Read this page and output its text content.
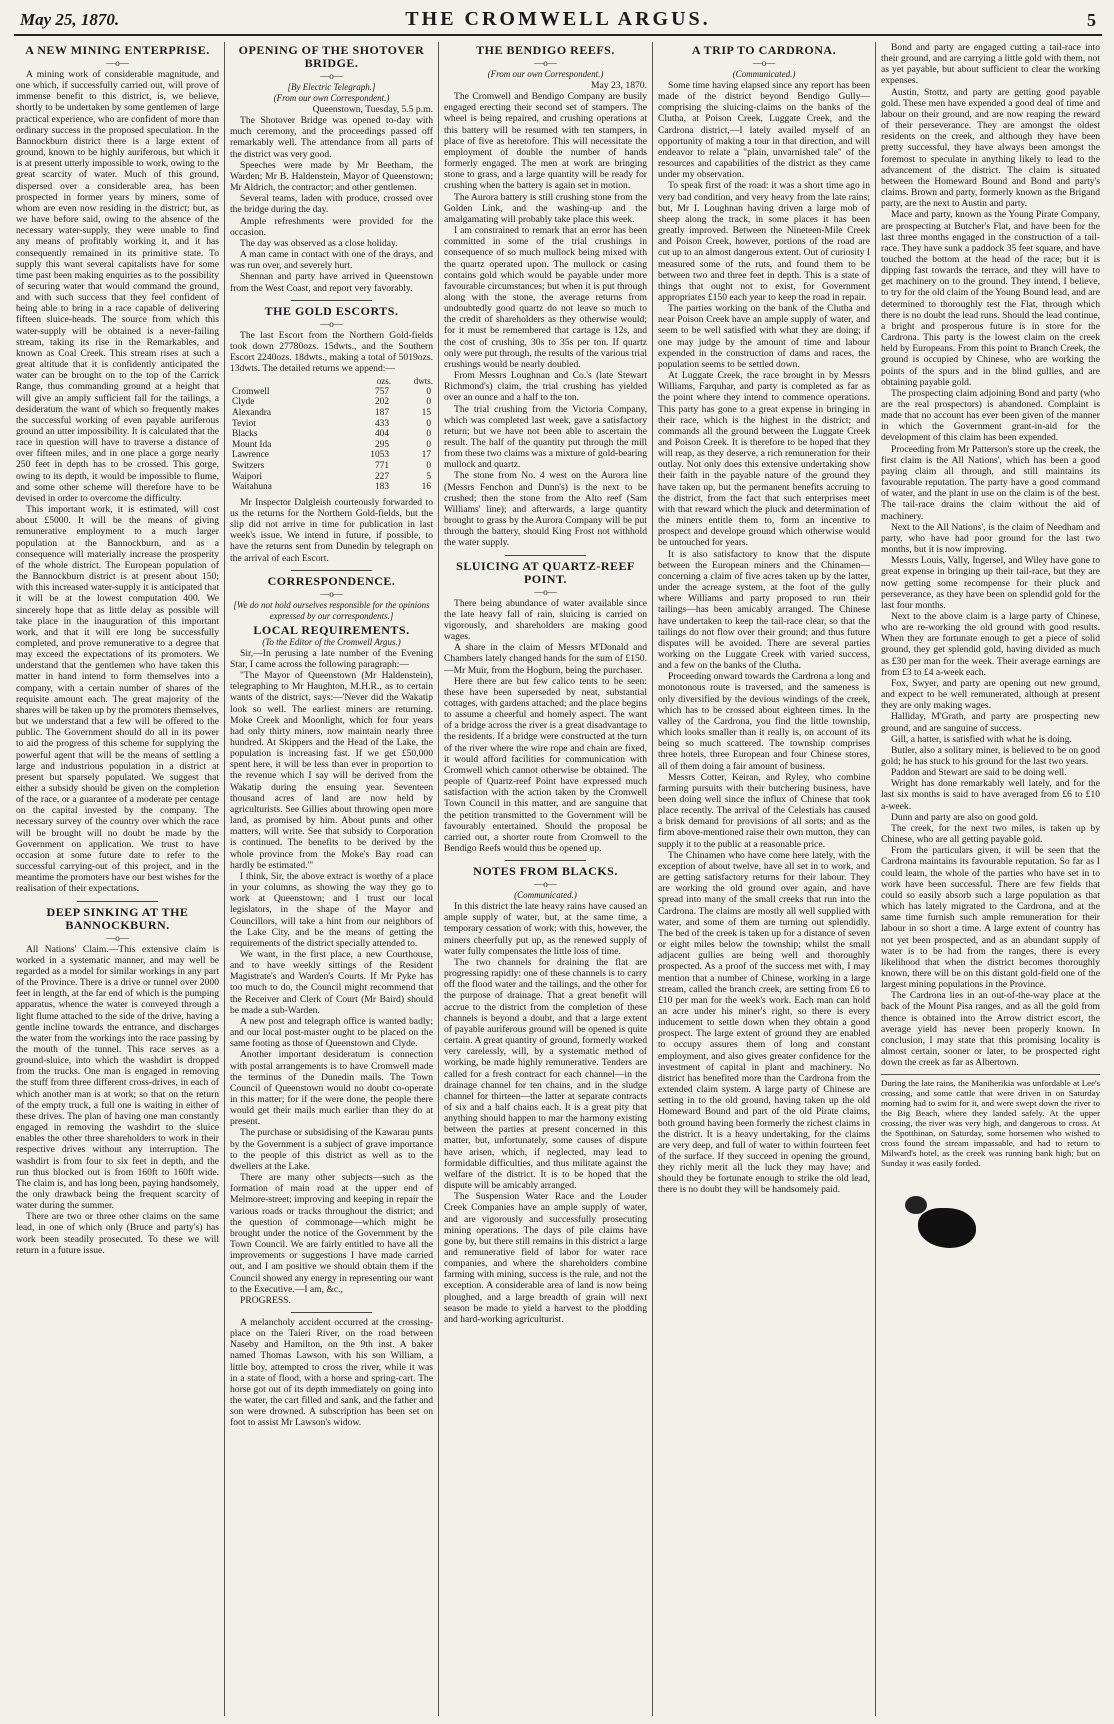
May 25, 1870.	THE CROMWELL ARGUS.	5
A NEW MINING ENTERPRISE.
—o—

A mining work of considerable magnitude, and one which, if successfully carried out, will prove of immense benefit to this district, is, we believe, shortly to be undertaken by some gentlemen of large practical experience, who are confident of more than ordinary success in the proposed speculation. In the Bannockburn district there is a large extent of ground, known to be highly auriferous, but which it is at present utterly impossible to work, owing to the great scarcity of water. Much of this ground, dispersed over a considerable area, has been prospected in former years by miners, some of whom are even now residing in the district; but, as we have before said, owing to the absence of the necessary water-supply, they were unable to find any means of profitably working it, and it has consequently remained in its primitive state. To supply this want several capitalists have for some time past been making enquiries as to the possibility of securing water that would command the ground, and with such success that they feel confident of being able to bring in a race capable of delivering fifteen sluice-heads. The source from which this water-supply will be obtained is a never-failing stream, taking its rise in the Remarkables, and known as Coal Creek. This stream rises at such a great altitude that it is confidently anticipated the water can be brought on to the top of the Carrick Range, thus commanding ground at a height that will give an amply sufficient fall for the tailings, a desideratum the want of which so frequently makes the successful working of even payable auriferous ground an utter impossibility. It is calculated that the race in question will have to traverse a distance of over fifteen miles, and in one place a gorge nearly 250 feet in depth has to be crossed. This gorge, owing to its depth, it would be impossible to flume, and some other scheme will therefore have to be devised in order to overcome the difficulty.

This important work, it is estimated, will cost about £5000. It will be the means of giving remunerative employment to a much larger population at the Bannockburn, and as a consequence will materially increase the prosperity of the whole district. The European population of the Bannockburn district is at present about 150; with this increased water-supply it is anticipated that it will be at the lowest computation 400. We sincerely hope that as little delay as possible will take place in the inauguration of this important work, and that it will ere long be successfully completed, and prove remunerative to a degree that may exceed the expectations of its promoters. We understand that the gentlemen who have taken this matter in hand intend to form themselves into a company, with a certain number of shares of the requisite amount each. The great majority of the shares will be taken up by the promoters themselves, but we understand that a few will be offered to the public. The Government should do all in its power to aid the progress of this scheme for supplying the powerful agent that will be the means of settling a large and industrious population in a district at present but sparsely populated. We suggest that either a subsidy should be given on the completion of the race, or a guarantee of a moderate per centage on the capital invested by the company. The necessary survey of the country over which the race will be brought will no doubt be made by the Government on application. We trust to have occasion at some future date to refer to the successful carrying-out of this project, and in the meantime the promoters have our best wishes for the realisation of their expectations.

DEEP SINKING AT THE BANNOCKBURN.
—o—

All Nations' Claim.—This extensive claim is worked in a systematic manner, and may well be regarded as a model for similar workings in any part of the Province. There is a drive or tunnel over 2000 feet in length, at the far end of which is the pumping apparatus, whence the water is conveyed through a light flume attached to the side of the drive, having a gentle incline towards the entrance, and discharges the water from the workings into the race passing by the mouth of the tunnel. This race serves as a ground-sluice, into which the washdirt is dropped from the trucks. One man is engaged in removing the stuff from three different cross-drives, in each of which another man is at work; so that on the return of the empty truck, a full one is waiting in either of these drives. The plan of having one man constantly engaged in removing the washdirt to the sluice enables the other three shareholders to work in their respective drives without any interruption. The washdirt is from four to six feet in depth, and the run thus blocked out is from 160ft to 160ft wide. The claim is, and has long been, paying handsomely, the only drawback being the frequent scarcity of water during the summer.

There are two or three other claims on the same lead, in one of which only (Bruce and party's) has work been steadily prosecuted. To these we will return in a future issue.

OPENING OF THE SHOTOVER BRIDGE.
—o—
[By Electric Telegraph.]
(From our own Correspondent.)

Queenstown, Tuesday, 5.5 p.m.

The Shotover Bridge was opened to-day with much ceremony, and the proceedings passed off remarkably well. The attendance from all parts of the district was very good.

Speeches were made by Mr Beetham, the Warden; Mr B. Haldenstein, Mayor of Queenstown; Mr Aldrich, the contractor; and other gentlemen.

Several teams, laden with produce, crossed over the bridge during the day.

Ample refreshments were provided for the occasion.

The day was observed as a close holiday.

A man came in contact with one of the drays, and was run over, and severely hurt.

Shennan and party have arrived in Queenstown from the West Coast, and report very favorably.

THE GOLD ESCORTS.
—o—

The last Escort from the Northern Gold-fields took down 27780ozs. 15dwts., and the Southern Escort 2240ozs. 18dwts., making a total of 5019ozs. 13dwts. The detailed returns we append:—

	ozs.	dwts.
Cromwell	757	0
Clyde	202	0
Alexandra	187	15
Teviot	433	0
Blacks	404	0
Mount Ida	295	0
Lawrence	1053	17
Switzers	771	0
Waipori	227	5
Waitahuna	183	16

Mr Inspector Dalgleish courteously forwarded to us the returns for the Northern Gold-fields, but the slip did not arrive in time for publication in last week's issue. We intend in future, if possible, to have the returns sent from Dunedin by telegraph on the arrival of each Escort.

CORRESPONDENCE.
—o—
[We do not hold ourselves responsible for the opinions expressed by our correspondents.]
LOCAL REQUIREMENTS.
(To the Editor of the Cromwell Argus.)

Sir,—In perusing a late number of the Evening Star, I came across the following paragraph:—

"The Mayor of Queenstown (Mr Haldenstein), telegraphing to Mr Haughton, M.H.R., as to certain wants of the district, says:—'Never did the Wakatip look so well. The earliest miners are returning. Moke Creek and Moonlight, which for four years had only thirty miners, now maintain nearly three hundred. At Skippers and the Head of the Lake, the population is increasing fast. If we get £50,000 spent here, it will be less than ever in proportion to the revenue which I say will be derived from the Wakatip during the ensuing year. Seventeen thousand acres of land are now held by agriculturists. See Gillies about throwing open more land, as promised by him. About punts and other matters, will write. See that subsidy to Corporation is continued. The benefits to be derived by the whole province from the Moke's Bay road can hardly be estimated.'"

I think, Sir, the above extract is worthy of a place in your columns, as showing the way they go to work at Queenstown; and I trust our local legislators, in the shape of the Mayor and Councillors, will take a hint from our neighbors of the Lake City, and be the means of getting the requirements of the district specially attended to.

We want, in the first place, a new Courthouse, and to have weekly sittings of the Resident Magistrate's and Warden's Courts. If Mr Pyke has too much to do, the Council might recommend that the Receiver and Clerk of Court (Mr Baird) should be made a sub-Warden.

A new post and telegraph office is wanted badly; and our local post-master ought to be placed on the same footing as those of Queenstown and Clyde.

Another important desideratum is connection with postal arrangements is to have Cromwell made the terminus of the Dunedin mails. The Town Council of Queenstown would no doubt co-operate in this matter; for if the were done, the people there would get their mails much earlier than they do at present.

The purchase or subsidising of the Kawarau punts by the Government is a subject of grave importance to the people of this district as well as to the dwellers at the Lake.

There are many other subjects—such as the formation of main road at the upper end of Melmore-street; improving and keeping in repair the various roads or tracks throughout the district; and the question of commonage—which might be brought under the notice of the Government by the Town Council. We are fairly entitled to have all the improvements or suggestions I have made carried out, and I am positive we should obtain them if the Council showed any energy in representing our want to the Executive.—I am, &c.,

PROGRESS.

A melancholy accident occurred at the crossing-place on the Taieri River, on the road between Naseby and Hamilton, on the 9th inst. A baker named Thomas Lawson, with his son William, a little boy, attempted to cross the river, while it was in a state of flood, with a horse and spring-cart. The horse got out of its depth immediately on going into the water, the cart filled and sank, and the father and son were drowned. A subscription has been set on foot to assist Mr Lawson's widow.

THE BENDIGO REEFS.
—o—
(From our own Correspondent.)

May 23, 1870.

The Cromwell and Bendigo Company are busily engaged erecting their second set of stampers. The wheel is being repaired, and crushing operations at this battery will be resumed with ten stampers, in place of five as heretofore. This will necessitate the employment of double the number of hands formerly engaged. The men at work are bringing stone to grass, and a large quantity will be ready for crushing when the battery is again set in motion.

The Aurora battery is still crushing stone from the Golden Link, and the washing-up and the amalgamating will probably take place this week.

I am constrained to remark that an error has been committed in some of the trial crushings in consequence of so much mullock being mixed with the quartz operated upon. The mullock or casing contains gold which would be payable under more favourable circumstances; but when it is put through along with the stone, the average returns from undoubtedly good quartz do not leave so much to the credit of shareholders as they otherwise would; for it must be remembered that cartage is 12s, and the cost of crushing, 30s to 35s per ton. If quartz only were put through, the results of the various trial crushings would be nearly doubled.

From Messrs Loughnan and Co.'s (late Stewart Richmond's) claim, the trial crushing has yielded over an ounce and a half to the ton.

The trial crushing from the Victoria Company, which was completed last week, gave a satisfactory return; but we have not been able to ascertain the result. The half of the quantity put through the mill from these two claims was a mixture of gold-bearing mullock and quartz.

The stone from No. 4 west on the Aurora line (Messrs Fenchon and Dunn's) is the next to be crushed; then the stone from the Alto reef (Sam Williams' line); and afterwards, a large quantity brought to grass by the Aurora Company will be put through the battery, should King Frost not withhold the water supply.

SLUICING AT QUARTZ-REEF POINT.
—o—

There being abundance of water available since the late heavy fall of rain, sluicing is carried on vigorously, and shareholders are making good wages.

A share in the claim of Messrs M'Donald and Chambers lately changed hands for the sum of £150.—Mr Muir, from the Hogburn, being the purchaser.

Here there are but few calico tents to be seen: these have been superseded by neat, substantial cottages, with gardens attached; and the place begins to assume a cheerful and homely aspect. The want of a bridge across the river is a great disadvantage to the residents. If a bridge were constructed at the turn of the river where the wire rope and chain are fixed, it would afford facilities for communication with Cromwell which cannot otherwise be obtained. The people of Quartz-reef Point have expressed much satisfaction with the action taken by the Cromwell Town Council in this matter, and are sanguine that the petition transmitted to the Government will be favourably entertained. Should the proposal be carried out, a shorter route from Cromwell to the Bendigo Reefs would thus be opened up.

NOTES FROM BLACKS.
—o—
(Communicated.)

In this district the late heavy rains have caused an ample supply of water, but, at the same time, a temporary cessation of work; with this, however, the miners cheerfully put up, as the renewed supply of water fully compensates the little loss of time.

The two channels for draining the flat are progressing rapidly: one of these channels is to carry off the flood water and the tailings, and the other for the purpose of drainage. That a great benefit will accrue to the district from the completion of these channels is beyond a doubt, and that a large extent of payable auriferous ground will be opened is quite certain. A great quantity of ground, formerly worked very carelessly, will, by a systematic method of working, be made highly remunerative. Tenders are called for a fresh contract for each channel—in the drainage channel for ten chains, and in the sludge channel for thirteen—the latter at separate contracts of six and a half chains each. It is a great pity that anything should happen to mar the harmony existing between the parties at present concerned in this matter, but, unfortunately, some causes of dispute have arisen, which, if neglected, may lead to formidable difficulties, and thus militate against the welfare of the district. It is to be hoped that the dispute will be amicably arranged.

The Suspension Water Race and the Louder Creek Companies have an ample supply of water, and are vigorously and successfully prosecuting mining operations. The days of pile claims have gone by, but there still remains in this district a large and remunerative field of labor for water race companies, and where the shareholders combine farming with mining, success is the rule, and not the exception. A considerable area of land is now being ploughed, and a large breadth of grain will next season be made to yield a harvest to the plodding and hard-working agriculturist.

A TRIP TO CARDRONA.
—o—
(Communicated.)

Some time having elapsed since any report has been made of the district beyond Bendigo Gully—comprising the sluicing-claims on the banks of the Clutha, at Poison Creek, Luggate Creek, and the Cardrona district,—I lately availed myself of an opportunity of making a tour in that direction, and will endeavor to relate a "plain, unvarnished tale" of the resources and capabilities of the district as they came under my observation.

To speak first of the road: it was a short time ago in very bad condition, and very heavy from the late rains; but, Mr I. Loughnan having driven a large mob of sheep along the track, in some places it has been greatly improved. Between the Nineteen-Mile Creek and Poison Creek, however, portions of the road are cut up to an almost dangerous extent. Out of curiosity I measured some of the ruts, and found them to be between two and three feet in depth. This is a state of things that ought not to exist, for Government appropriates £150 each year to keep the road in repair.

The parties working on the bank of the Clutha and near Poison Creek have an ample supply of water, and seem to be well satisfied with what they are doing; if one may judge by the amount of time and labour expended in the construction of dams and races, the population seems to be settled down.

At Luggate Creek, the race brought in by Messrs Williams, Farquhar, and party is completed as far as the point where they intend to commence operations. This party has gone to a great expense in bringing in their race, which is the highest in the district; and commands all the ground between the Luggate Creek and Poison Creek. It is therefore to be hoped that they will reap, as they deserve, a rich remuneration for their outlay. Not only does this extensive undertaking show their faith in the payable nature of the ground they have taken up, but the permanent benefits accruing to the district, from the fact that such enterprises meet with that reward which the pluck and determination of the miners entitle them to, form an incentive to prospect and develope ground which otherwise would be untouched for years.

It is also satisfactory to know that the dispute between the European miners and the Chinamen—concerning a claim of five acres taken up by the latter, under the acreage system, at the foot of the gully where Williams and party proposed to run their tailings—has been amicably arranged. The Chinese have undertaken to keep the tail-race clear, so that the tailings do not flow over their ground; and thus future disputes will be avoided. There are several parties working on the Luggate Creek with varied success, and a few on the banks of the Clutha.

Proceeding onward towards the Cardrona a long and monotonous route is traversed, and the sameness is only diversified by the devious windings of the creek, which has to be crossed about eighteen times. In the valley of the Cardrona, you find the little township, which looks smaller than it really is, on account of its being so much scattered. The township comprises three hotels, three European and four Chinese stores, all of them doing a fair amount of business.

Messrs Cotter, Keiran, and Ryley, who combine farming pursuits with their butchering business, have been doing well since the influx of Chinese that took place recently. The arrival of the Celestials has caused a brisk demand for provisions of all sorts; and as the firm above-mentioned raise their own mutton, they can supply it to the public at a reasonable price.

The Chinamen who have come here lately, with the exception of about twelve, have all set in to work, and are getting satisfactory returns for their labour. They are working the old ground over again, and have spread into many of the small creeks that run into the Cardrona. The claims are mostly all well supplied with water, and some of them are turning out splendidly. The bed of the creek is taken up for a distance of seven or eight miles below the township; whilst the small adjacent gullies are being well and thoroughly prospected. As a proof of the success met with, I may mention that a number of Chinese, working in a large stream, called the branch creek, are setting from £6 to £10 per man for the week's work. Each man can hold an acre under his miner's right, so there is every inducement to settle down when they obtain a good prospect. The large extent of ground they are enabled to occupy assures them of long and constant employment, and also gives greater confidence for the investment of capital in plant and machinery. No district has benefited more than the Cardrona from the extended claim system. A large party of Chinese are setting in to the old ground, having taken up the old Homeward Bound and part of the old Pirate claims, both ground having been formerly the richest claims in the district. It is a heavy undertaking, for the claims are very deep, and full of water to within fourteen feet of the surface. If they succeed in opening the ground, they richly merit all the luck they may have; and should they be fortunate enough to strike the old lead, there is no doubt they will be handsomely paid.

Bond and party are engaged cutting a tail-race into their ground, and are carrying a little gold with them, not as yet payable, but about sufficient to clear the working expenses.

Austin, Stottz, and party are getting good payable gold. These men have expended a good deal of time and labour on their ground, and are now reaping the reward of their perseverance. They are amongst the oldest residents on the creek, and although they have been pretty successful, they have always been amongst the foremost to speculate in anything likely to lead to the advancement of the district. The claim is situated between the Homeward Bound and Bond and party's claims. Brown and party, formerly known as the Brigand party, are the next to Austin and party.

Mace and party, known as the Young Pirate Company, are prospecting at Butcher's Flat, and have been for the last three months engaged in the construction of a tail-race. They have sunk a paddock 35 feet square, and have touched the bottom at the head of the race; but it is dipping fast towards the terrace, and they will have to get machinery on to the ground. They intend, I believe, to try for the old claim of the Young Bound lead, and are determined to thoroughly test the Flat, through which there is no doubt the lead runs. Should the lead continue, a bright and prosperous future is in store for the Cardrona. This party is the lowest claim on the creek held by Europeans. From this point to Branch Creek, the ground is occupied by Chinese, who are working the points of the spurs and in the blind gullies, and are obtaining payable gold.

The prospecting claim adjoining Bond and party (who are the real prospectors) is abandoned. Complaint is made that no account has ever been given of the manner in which the Government grant-in-aid for the development of this claim has been expended.

Proceeding from Mr Patterson's store up the creek, the first claim is the All Nations', which has been a good paying claim all through, and still maintains its favourable reputation. The party have a good command of water, and the plant in use on the claim is of the best. The tail-race drains the claim without the aid of machinery.

Next to the All Nations', is the claim of Needham and party, who have had poor ground for the last two months, but it is now improving.

Messrs Louis, Vally, Ingersel, and Wiley have gone to great expense in bringing up their tail-race, but they are now getting some recompense for their pluck and perseverance, as they have been on splendid gold for the last four months.

Next to the above claim is a large party of Chinese, who are re-working the old ground with good results. When they are fortunate enough to get a piece of solid ground, they get splendid gold, having divided as much as £30 per man for the week. Their average earnings are from £3 to £4 a-week each.

Fox, Swyer, and party are opening out new ground, and expect to be well remunerated, although at present they are only making wages.

Halliday, M'Grath, and party are prospecting new ground, and are sanguine of success.

Gill, a hatter, is satisfied with what he is doing.

Butler, also a solitary miner, is believed to be on good gold; he has stuck to his ground for the last two years.

Paddon and Stewart are said to be doing well.

Wright has done remarkably well lately, and for the last six months is said to have averaged from £6 to £10 a-week.

Dunn and party are also on good gold.

The creek, for the next two miles, is taken up by Chinese, who are all getting payable gold.

From the particulars given, it will be seen that the Cardrona maintains its favourable reputation. So far as I could learn, the whole of the parties who have set in to work have been successful. There are few fields that could so easily absorb such a large population as that which has lately migrated to the Cardrona, and at the same time furnish such ample remuneration for their labour in so short a time. A large extent of country has not yet been prospected, and as an abundant supply of water is to be had from the ranges, there is every likelihood that when the district becomes thoroughly known, there will be on this distant gold-field one of the largest mining populations in the Province.

The Cardrona lies in an out-of-the-way place at the back of the Mount Pisa ranges, and as all the gold from thence is obtained into the Arrow district escort, the average yield has never been properly known. In conclusion, I may state that this promising locality is almost certain, sooner or later, to be prospected right down the creek as far as Albertown.

During the late rains, the Maniherikia was unfordable at Lee's crossing, and some cattle that were driven in on Saturday morning had to swim for it, and were swept down the river to the Big Beach, where they landed safely. At the upper crossing, the river was very high, and dangerous to cross. At the Spotthinan, on Saturday, some horsemen who wished to cross found the stream impassable, and had to return to Milward's hotel, as the creek was running bank high; but on Sunday it was easily forded.
